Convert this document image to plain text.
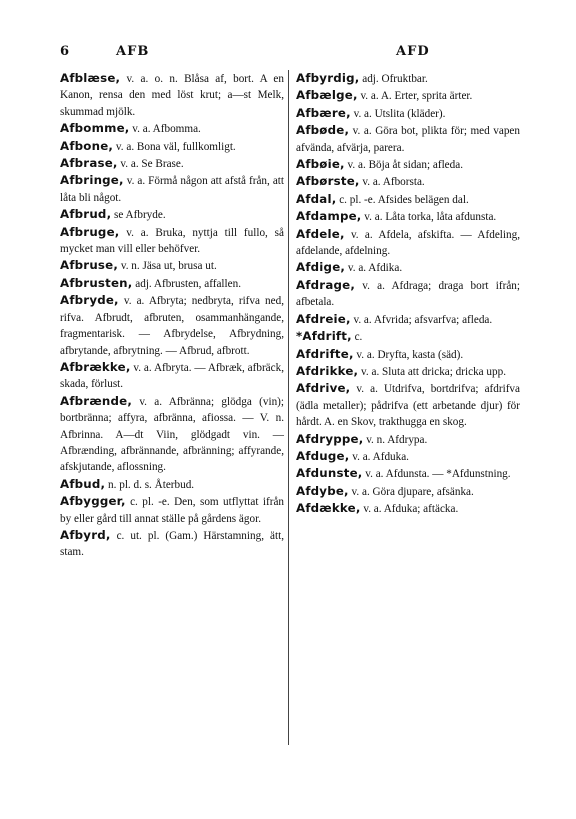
6	AFB	AFD

Afblæse, v. a. o. n. Blåsa af, bort. A en Kanon, rensa den med löst krut; a—st Melk, skummad mjölk.

Afbomme, v. a. Afbomma.

Afbone, v. a. Bona väl, fullkomligt.

Afbrase, v. a. Se Brase.

Afbringe, v. a. Förmå någon att afstå från, att låta bli något.

Afbrud, se Afbryde.

Afbruge, v. a. Bruka, nyttja till fullo, så mycket man vill eller behöfver.

Afbruse, v. n. Jäsa ut, brusa ut.

Afbrusten, adj. Afbrusten, affallen.

Afbryde, v. a. Afbryta; nedbryta, rifva ned, rifva. Afbrudt, afbruten, osammanhängande, fragmentarisk. — Afbrydelse, Afbrydning, afbrytande, afbrytning. — Afbrud, afbrott.

Afbrække, v. a. Afbryta. — Afbræk, afbräck, skada, förlust.

Afbrænde, v. a. Afbränna; glödga (vin); bortbränna; affyra, afbränna, afiossa. — V. n. Afbrinna. A—dt Viin, glödgadt vin. — Afbrænding, afbrännande, afbränning; affyrande, afskjutande, aflossning.

Afbud, n. pl. d. s. Återbud.

Afbygger, c. pl. -e. Den, som utflyttat ifrån by eller gård till annat ställe på gårdens ägor.

Afbyrd, c. ut. pl. (Gam.) Härstamning, ätt, stam.

Afbyrdig, adj. Ofruktbar.

Afbælge, v. a. A. Erter, sprita ärter.

Afbære, v. a. Utslita (kläder).

Afbøde, v. a. Göra bot, plikta för; med vapen afvända, afvärja, parera.

Afbøie, v. a. Böja åt sidan; afleda.

Afbørste, v. a. Afborsta.

Afdal, c. pl. -e. Afsides belägen dal.

Afdampe, v. a. Låta torka, låta afdunsta.

Afdele, v. a. Afdela, afskifta. — Afdeling, afdelande, afdelning.

Afdige, v. a. Afdika.

Afdrage, v. a. Afdraga; draga bort ifrån; afbetala.

Afdreie, v. a. Afvrida; afsvarfva; afleda.

*Afdrift, c.

Afdrifte, v. a. Dryfta, kasta (säd).

Afdrikke, v. a. Sluta att dricka; dricka upp.

Afdrive, v. a. Utdrifva, bortdrifva; afdrifva (ädla metaller); pådrifva (ett arbetande djur) för hårdt. A. en Skov, trakthugga en skog.

Afdryppe, v. n. Afdrypa.

Afduge, v. a. Afduka.

Afdunste, v. a. Afdunsta. — *Afdunstning.

Afdybe, v. a. Göra djupare, afsänka.

Afdække, v. a. Afduka; aftäcka.
